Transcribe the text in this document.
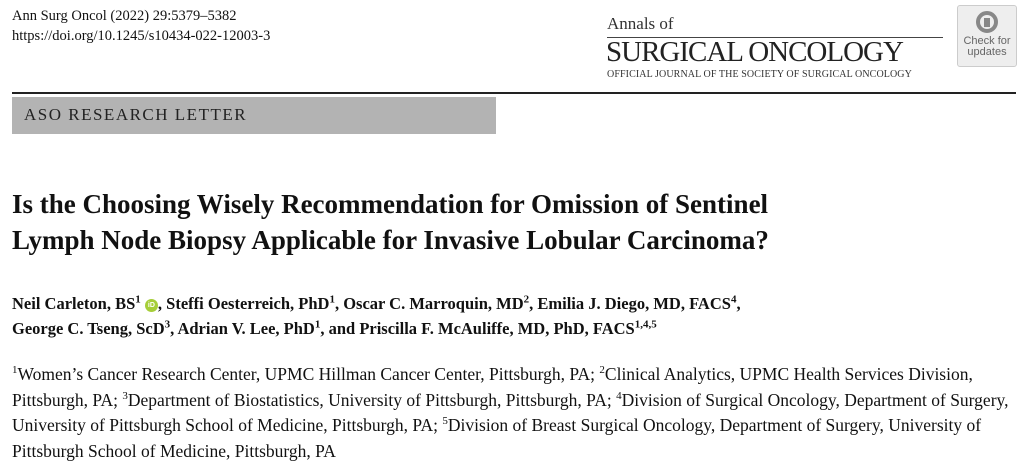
Ann Surg Oncol (2022) 29:5379–5382
https://doi.org/10.1245/s10434-022-12003-3
Annals of
SURGICAL ONCOLOGY
OFFICIAL JOURNAL OF THE SOCIETY OF SURGICAL ONCOLOGY
Check for
updates
ASO RESEARCH LETTER
Is the Choosing Wisely Recommendation for Omission of Sentinel
Lymph Node Biopsy Applicable for Invasive Lobular Carcinoma?
Neil Carleton, $BS^1$ iD , Steffi Oesterreich, PhD$^1$, Oscar C. Marroquin, $MD^2$, Emilia J. Diego, MD, FACS$^4$,
George C. Tseng, ScD$^3$, Adrian V. Lee, PhD$^1$, and Priscilla F. McAuliffe, MD, PhD, FACS$^{1,4,5}$
$^1$Women’s Cancer Research Center, UPMC Hillman Cancer Center, Pittsburgh, PA; $^2$Clinical Analytics, UPMC Health Services Division, Pittsburgh, PA; $^3$Department of Biostatistics, University of Pittsburgh, Pittsburgh, PA; $^4$Division of Surgical Oncology, Department of Surgery, University of Pittsburgh School of Medicine, Pittsburgh, PA; $^5$Division of Breast Surgical Oncology, Department of Surgery, University of Pittsburgh School of Medicine, Pittsburgh, PA
